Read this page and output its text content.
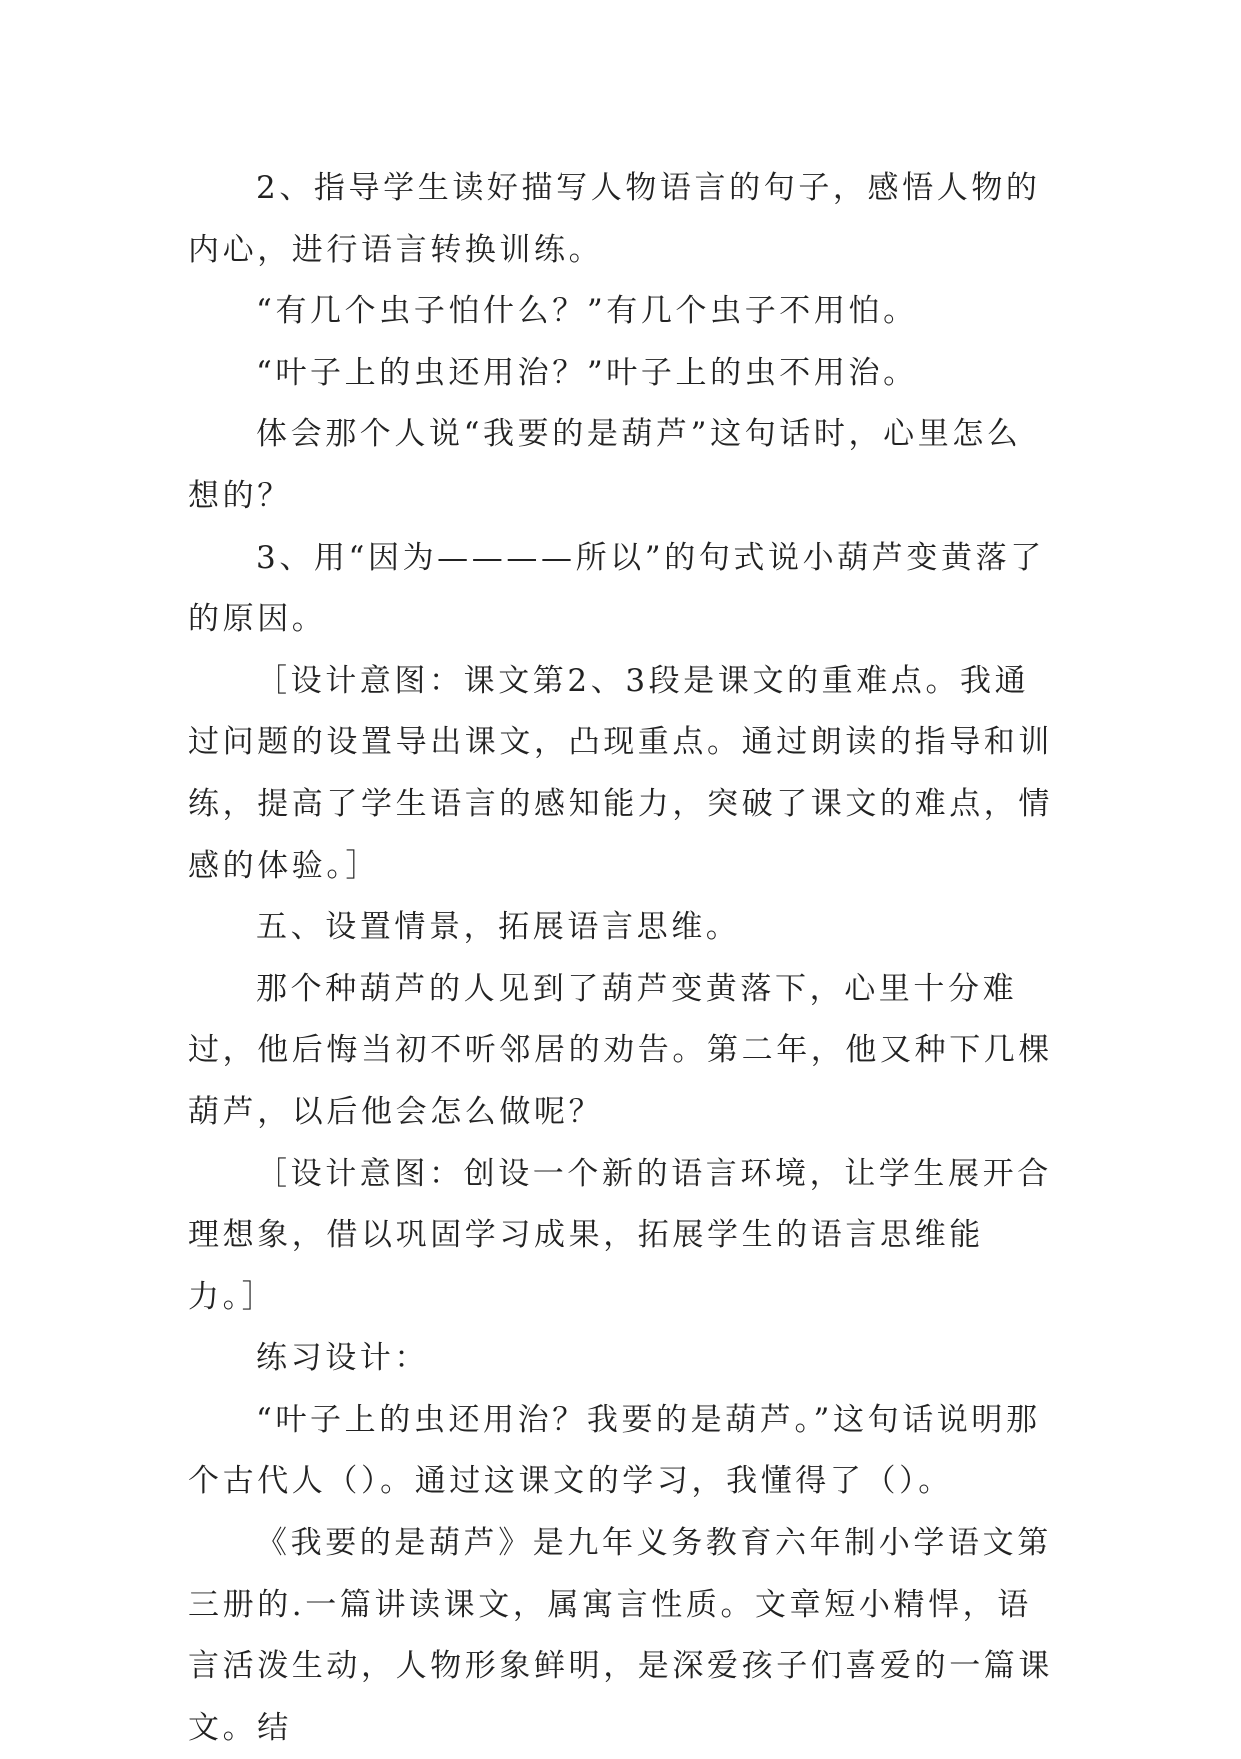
2、指导学生读好描写人物语言的句子，感悟人物的内心，进行语言转换训练。

“有几个虫子怕什么？”有几个虫子不用怕。

“叶子上的虫还用治？”叶子上的虫不用治。

体会那个人说“我要的是葫芦”这句话时，心里怎么想的？

3、用“因为————所以”的句式说小葫芦变黄落了的原因。

［设计意图：课文第2、3段是课文的重难点。我通过问题的设置导出课文，凸现重点。通过朗读的指导和训练，提高了学生语言的感知能力，突破了课文的难点，情感的体验。］

五、设置情景，拓展语言思维。

那个种葫芦的人见到了葫芦变黄落下，心里十分难过，他后悔当初不听邻居的劝告。第二年，他又种下几棵葫芦，以后他会怎么做呢？

［设计意图：创设一个新的语言环境，让学生展开合理想象，借以巩固学习成果，拓展学生的语言思维能力。］

练习设计：

“叶子上的虫还用治？我要的是葫芦。”这句话说明那个古代人（）。通过这课文的学习，我懂得了（）。

《我要的是葫芦》是九年义务教育六年制小学语文第三册的.一篇讲读课文，属寓言性质。文章短小精悍，语言活泼生动，人物形象鲜明，是深爱孩子们喜爱的一篇课文。结
